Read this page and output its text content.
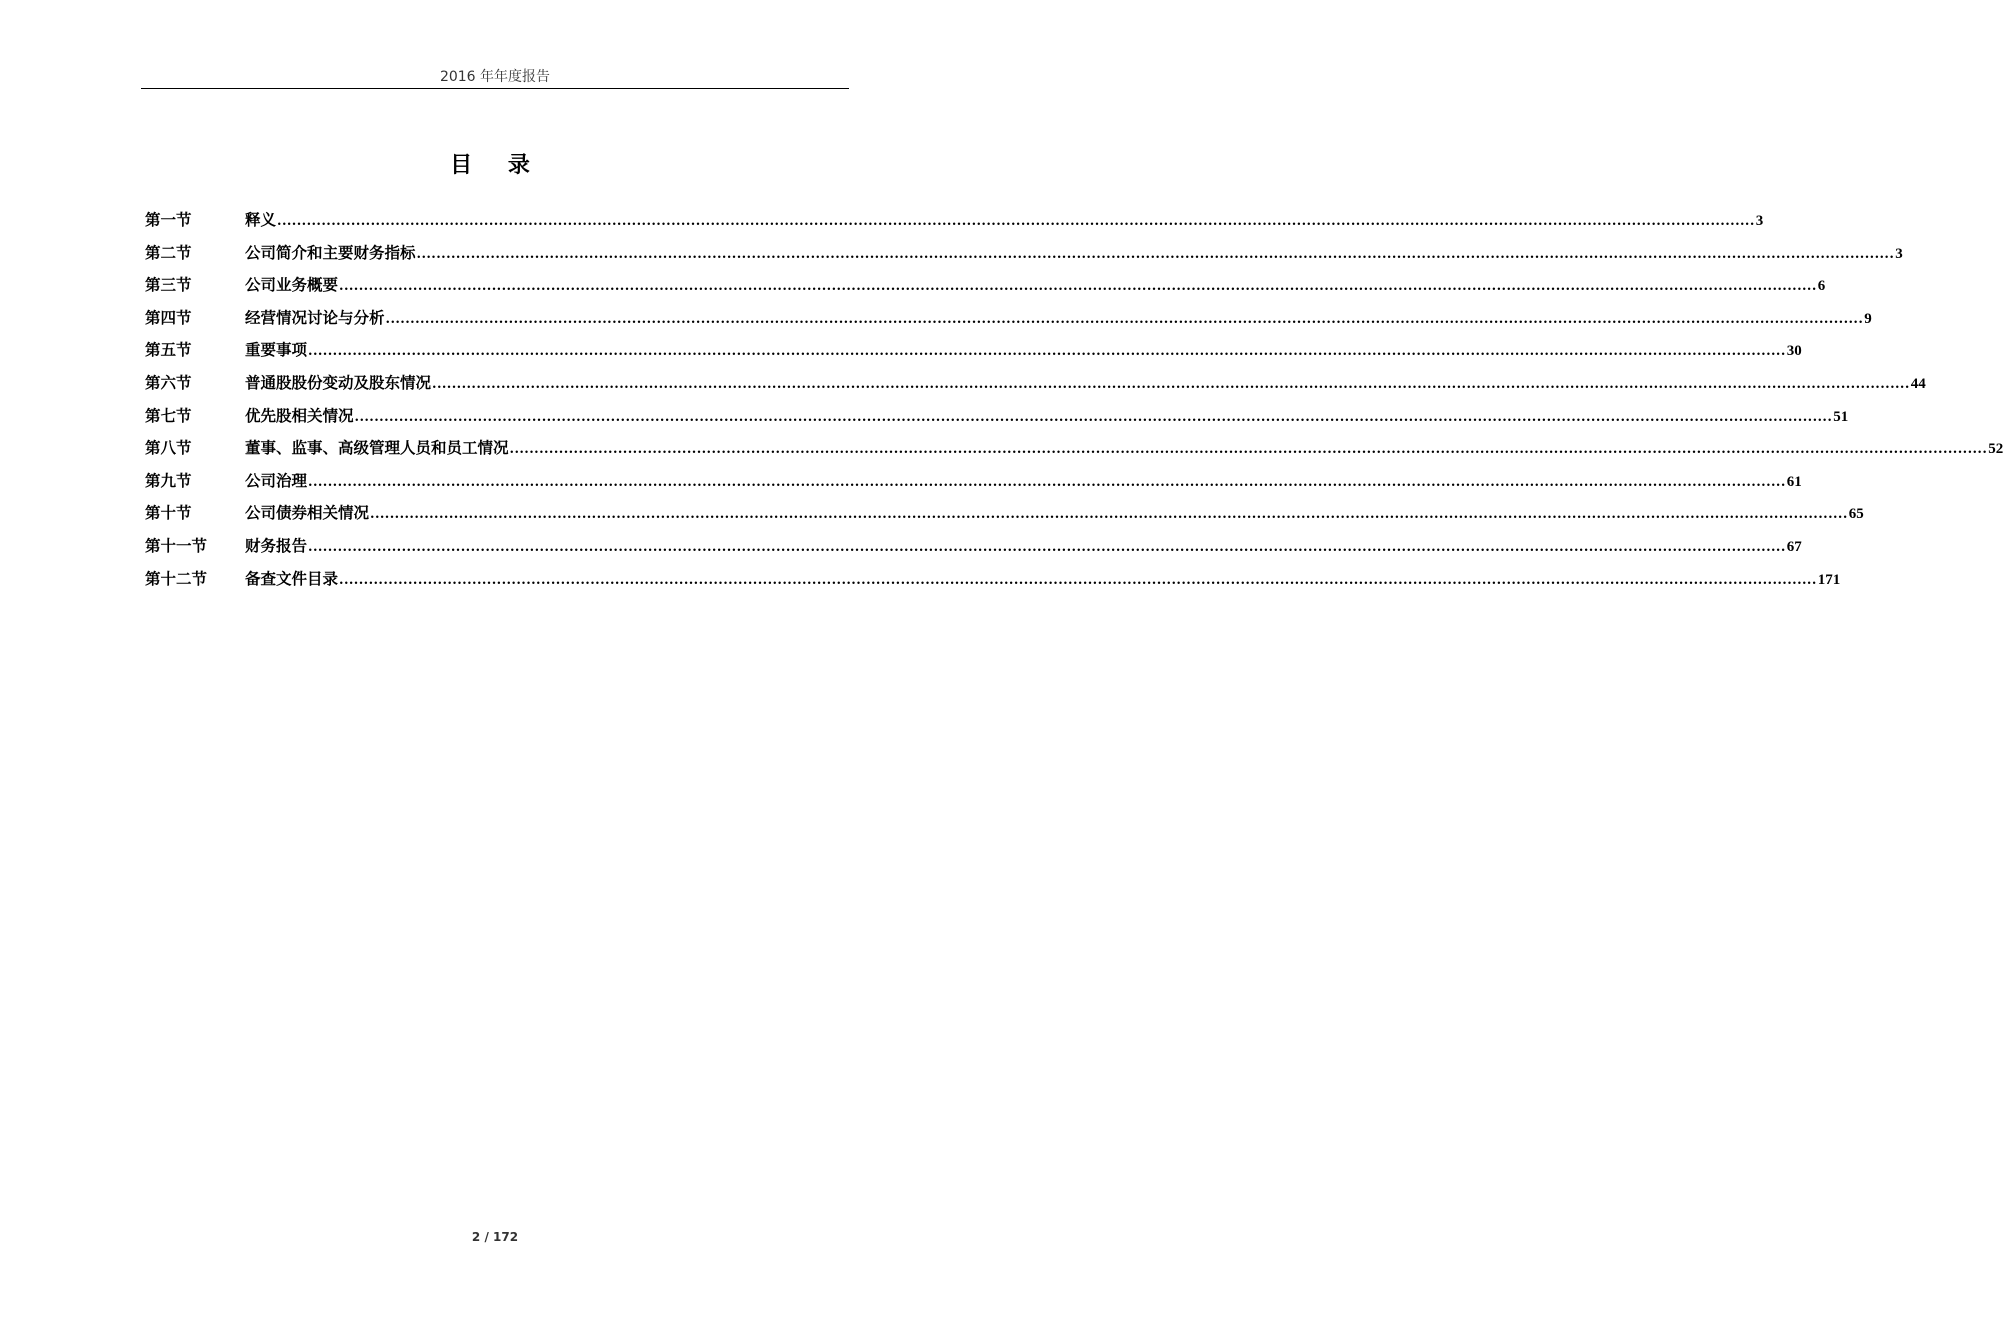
2016 年年度报告
目 录
第一节	释义 ............................................................................................................................................................................................................................................................................................................ 3
第二节	公司简介和主要财务指标 ............................................................................................................................................................................................................................................................................................................ 3
第三节	公司业务概要 ............................................................................................................................................................................................................................................................................................................ 6
第四节	经营情况讨论与分析 ............................................................................................................................................................................................................................................................................................................ 9
第五节	重要事项 ............................................................................................................................................................................................................................................................................................................ 30
第六节	普通股股份变动及股东情况 ............................................................................................................................................................................................................................................................................................................ 44
第七节	优先股相关情况 ............................................................................................................................................................................................................................................................................................................ 51
第八节	董事、监事、高级管理人员和员工情况 ............................................................................................................................................................................................................................................................................................................ 52
第九节	公司治理 ............................................................................................................................................................................................................................................................................................................ 61
第十节	公司债券相关情况 ............................................................................................................................................................................................................................................................................................................ 65
第十一节	财务报告 ............................................................................................................................................................................................................................................................................................................ 67
第十二节	备查文件目录 ............................................................................................................................................................................................................................................................................................................ 171
2 / 172
